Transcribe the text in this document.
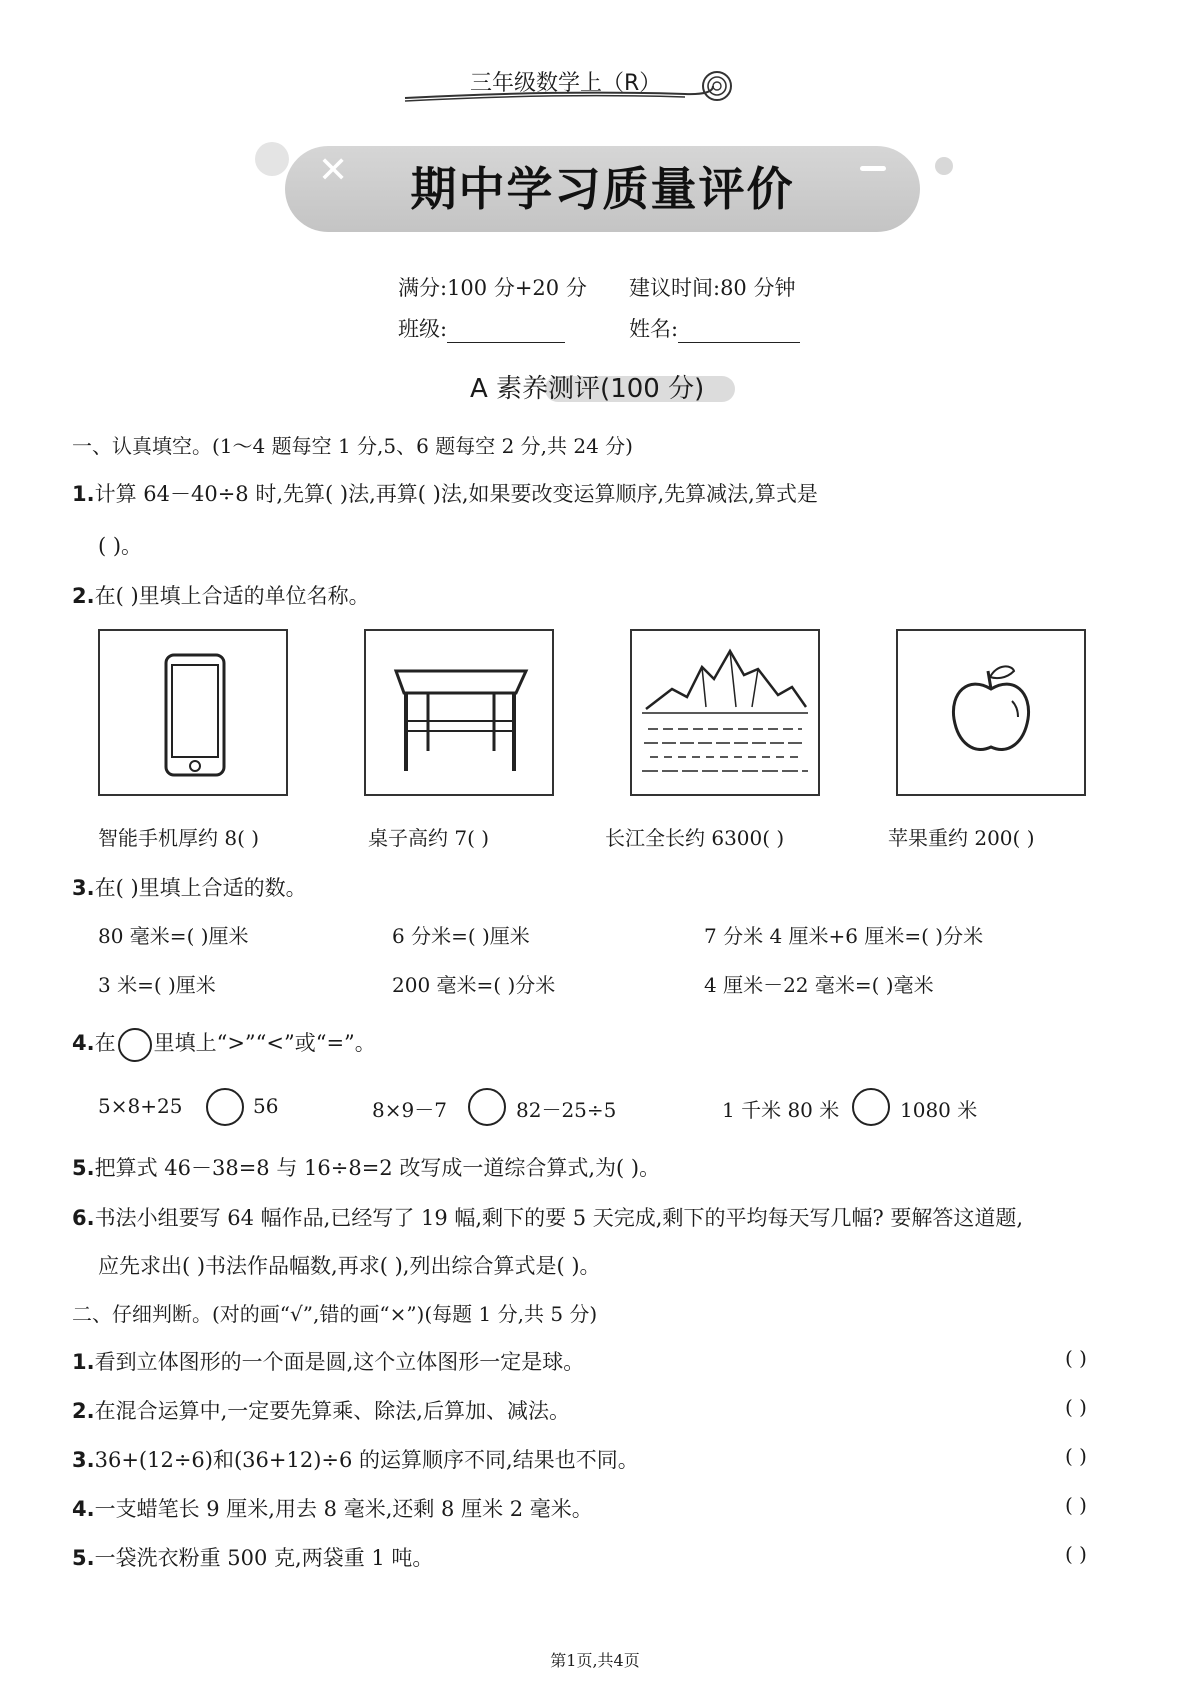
三年级数学上（R）
✕	期中学习质量评价
满分:100 分+20 分 建议时间:80 分钟
班级:	姓名:
A 素养测评(100 分)
一、认真填空。(1～4 题每空 1 分,5、6 题每空 2 分,共 24 分)
1.计算 64－40÷8 时,先算( )法,再算( )法,如果要改变运算顺序,先算减法,算式是
( )。
2.在( )里填上合适的单位名称。
智能手机厚约 8( )	桌子高约 7( )	长江全长约 6300( )	苹果重约 200( )
3.在( )里填上合适的数。
80 毫米=( )厘米	6 分米=( )厘米	7 分米 4 厘米+6 厘米=( )分米
3 米=( )厘米	200 毫米=( )分米	4 厘米－22 毫米=( )毫米
4.在 里填上“>”“<”或“=”。
5×8+25	56	8×9－7	82－25÷5	1 千米 80 米	1080 米
5.把算式 46－38=8 与 16÷8=2 改写成一道综合算式,为( )。
6.书法小组要写 64 幅作品,已经写了 19 幅,剩下的要 5 天完成,剩下的平均每天写几幅? 要解答这道题,
应先求出( )书法作品幅数,再求( ),列出综合算式是( )。
二、仔细判断。(对的画“√”,错的画“×”)(每题 1 分,共 5 分)
1.看到立体图形的一个面是圆,这个立体图形一定是球。	( )
2.在混合运算中,一定要先算乘、除法,后算加、减法。	( )
3.36+(12÷6)和(36+12)÷6 的运算顺序不同,结果也不同。	( )
4.一支蜡笔长 9 厘米,用去 8 毫米,还剩 8 厘米 2 毫米。	( )
5.一袋洗衣粉重 500 克,两袋重 1 吨。	( )
第1页,共4页
